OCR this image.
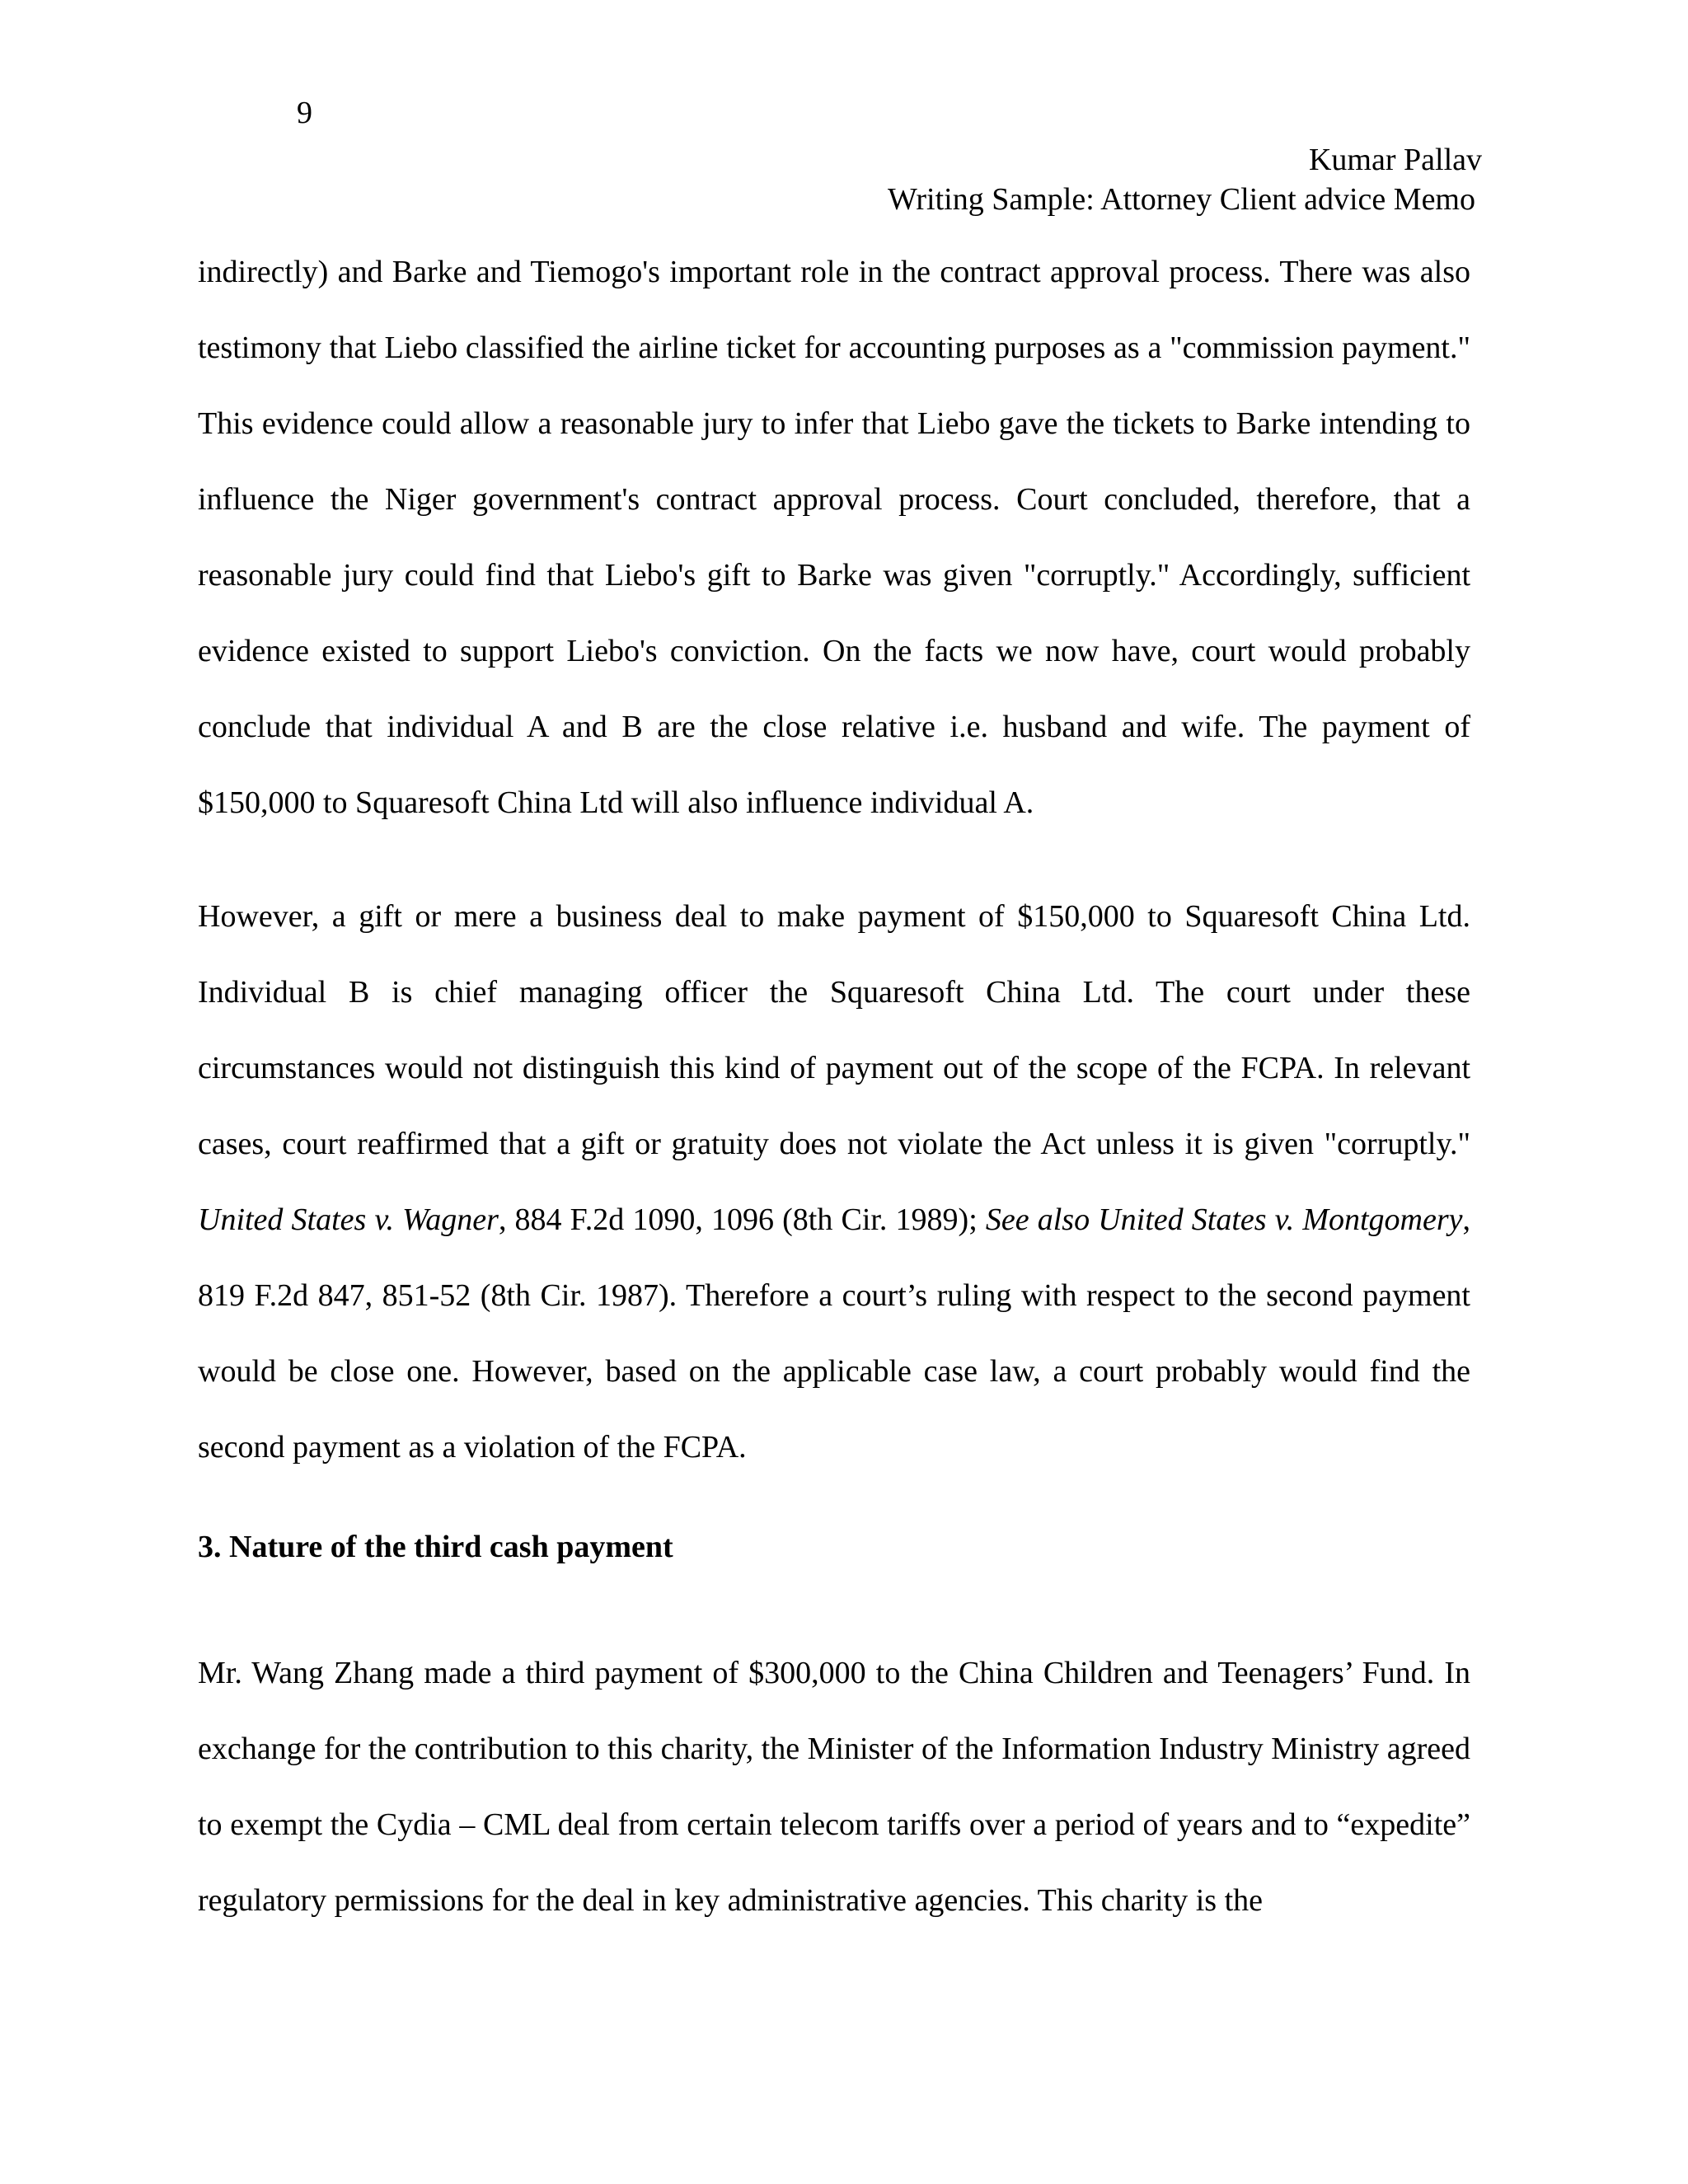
9
Kumar Pallav
Writing Sample: Attorney Client advice Memo

indirectly) and Barke and Tiemogo's important role in the contract approval process. There was also testimony that Liebo classified the airline ticket for accounting purposes as a "commission payment." This evidence could allow a reasonable jury to infer that Liebo gave the tickets to Barke intending to influence the Niger government's contract approval process. Court concluded, therefore, that a reasonable jury could find that Liebo's gift to Barke was given "corruptly." Accordingly, sufficient evidence existed to support Liebo's conviction. On the facts we now have, court would probably conclude that individual A and B are the close relative i.e. husband and wife. The payment of $150,000 to Squaresoft China Ltd will also influence individual A.

However, a gift or mere a business deal to make payment of $150,000 to Squaresoft China Ltd. Individual B is chief managing officer the Squaresoft China Ltd. The court under these circumstances would not distinguish this kind of payment out of the scope of the FCPA. In relevant cases, court reaffirmed that a gift or gratuity does not violate the Act unless it is given "corruptly." United States v. Wagner, 884 F.2d 1090, 1096 (8th Cir. 1989); See also United States v. Montgomery, 819 F.2d 847, 851-52 (8th Cir. 1987). Therefore a court’s ruling with respect to the second payment would be close one. However, based on the applicable case law, a court probably would find the second payment as a violation of the FCPA.

3. Nature of the third cash payment

Mr. Wang Zhang made a third payment of $300,000 to the China Children and Teenagers’ Fund. In exchange for the contribution to this charity, the Minister of the Information Industry Ministry agreed to exempt the Cydia – CML deal from certain telecom tariffs over a period of years and to “expedite” regulatory permissions for the deal in key administrative agencies. This charity is the
